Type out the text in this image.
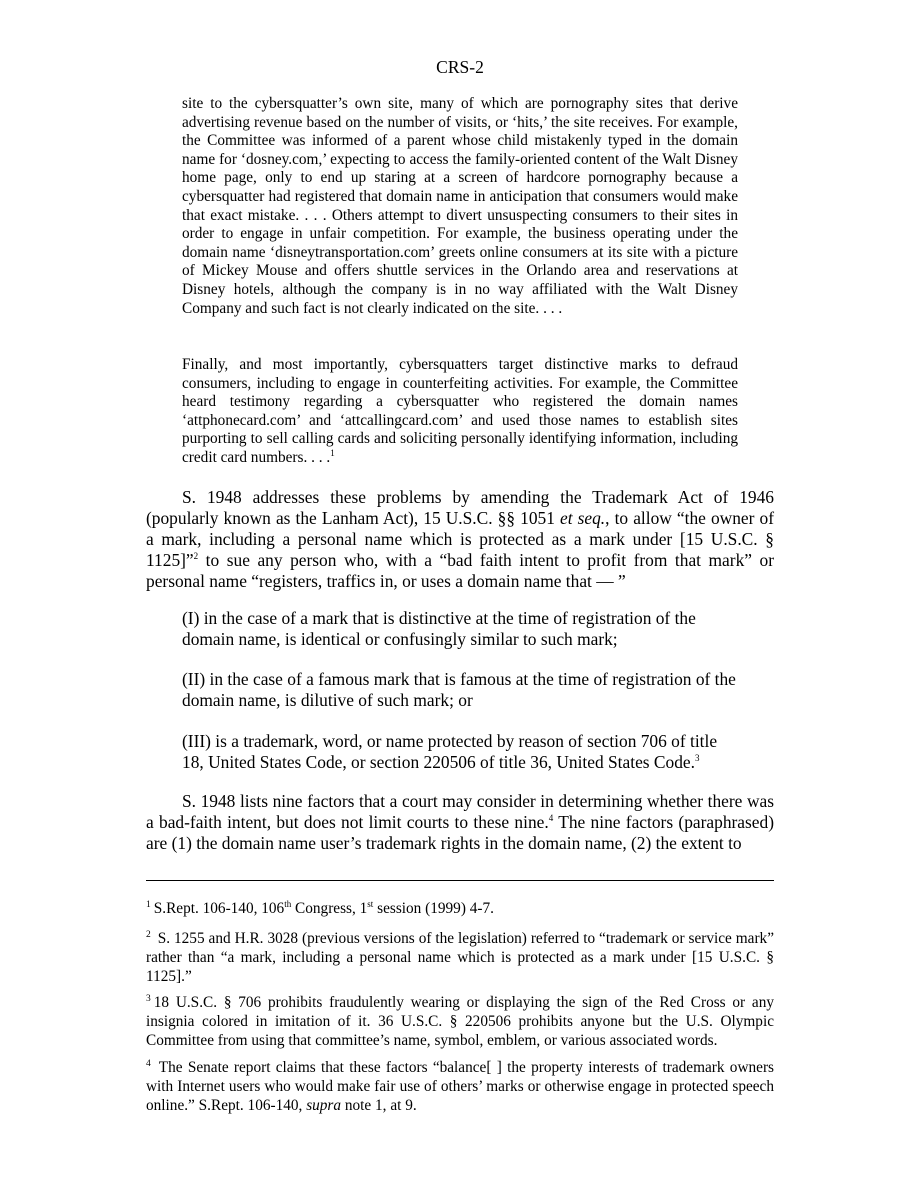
CRS-2

site to the cybersquatter’s own site, many of which are pornography sites that derive advertising revenue based on the number of visits, or ‘hits,’ the site receives. For example, the Committee was informed of a parent whose child mistakenly typed in the domain name for ‘dosney.com,’ expecting to access the family-oriented content of the Walt Disney home page, only to end up staring at a screen of hardcore pornography because a cybersquatter had registered that domain name in anticipation that consumers would make that exact mistake. . . . Others attempt to divert unsuspecting consumers to their sites in order to engage in unfair competition. For example, the business operating under the domain name ‘disneytransportation.com’ greets online consumers at its site with a picture of Mickey Mouse and offers shuttle services in the Orlando area and reservations at Disney hotels, although the company is in no way affiliated with the Walt Disney Company and such fact is not clearly indicated on the site. . . .

Finally, and most importantly, cybersquatters target distinctive marks to defraud consumers, including to engage in counterfeiting activities. For example, the Committee heard testimony regarding a cybersquatter who registered the domain names ‘attphonecard.com’ and ‘attcallingcard.com’ and used those names to establish sites purporting to sell calling cards and soliciting personally identifying information, including credit card numbers. . . .$^1$

S. 1948 addresses these problems by amending the Trademark Act of 1946 (popularly known as the Lanham Act), 15 U.S.C. §§ 1051 et seq., to allow “the owner of a mark, including a personal name which is protected as a mark under [15 U.S.C. § 1125]”$^2$ to sue any person who, with a “bad faith intent to profit from that mark” or personal name “registers, traffics in, or uses a domain name that — ”

(I) in the case of a mark that is distinctive at the time of registration of the domain name, is identical or confusingly similar to such mark;

(II) in the case of a famous mark that is famous at the time of registration of the domain name, is dilutive of such mark; or

(III) is a trademark, word, or name protected by reason of section 706 of title 18, United States Code, or section 220506 of title 36, United States Code.$^3$

S. 1948 lists nine factors that a court may consider in determining whether there was a bad-faith intent, but does not limit courts to these nine.$^4$ The nine factors (paraphrased) are (1) the domain name user’s trademark rights in the domain name, (2) the extent to

$^1$ S.Rept. 106-140, 106th Congress, 1st session (1999) 4-7.

$^2$ S. 1255 and H.R. 3028 (previous versions of the legislation) referred to “trademark or service mark” rather than “a mark, including a personal name which is protected as a mark under [15 U.S.C. § 1125].”

$^3$ 18 U.S.C. § 706 prohibits fraudulently wearing or displaying the sign of the Red Cross or any insignia colored in imitation of it. 36 U.S.C. § 220506 prohibits anyone but the U.S. Olympic Committee from using that committee’s name, symbol, emblem, or various associated words.

$^4$ The Senate report claims that these factors “balance[ ] the property interests of trademark owners with Internet users who would make fair use of others’ marks or otherwise engage in protected speech online.” S.Rept. 106-140, supra note 1, at 9.
